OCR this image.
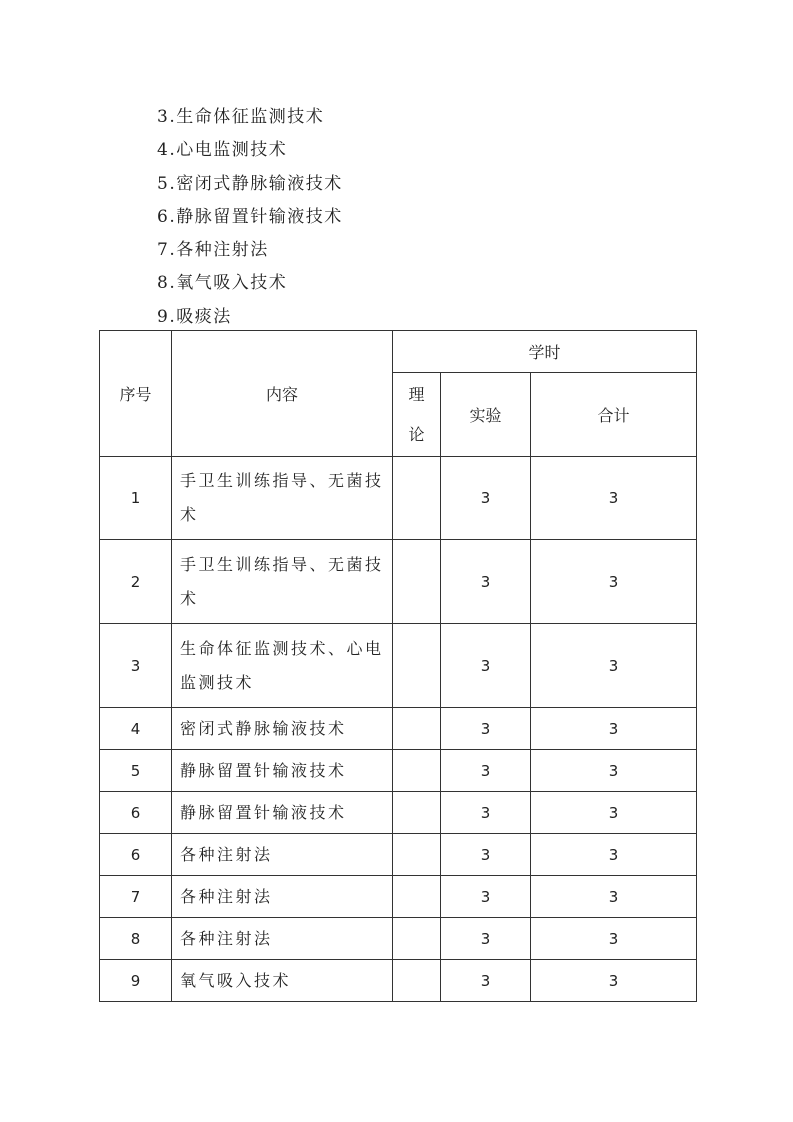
3.生命体征监测技术
4.心电监测技术
5.密闭式静脉输液技术
6.静脉留置针输液技术
7.各种注射法
8.氧气吸入技术
9.吸痰法
序号	内容	学时		
		理论	实验	合计
1	手卫生训练指导、无菌技术		3	3
2	手卫生训练指导、无菌技术		3	3
3	生命体征监测技术、心电监测技术		3	3
4	密闭式静脉输液技术		3	3
5	静脉留置针输液技术		3	3
6	静脉留置针输液技术		3	3
6	各种注射法		3	3
7	各种注射法		3	3
8	各种注射法		3	3
9	氧气吸入技术		3	3
